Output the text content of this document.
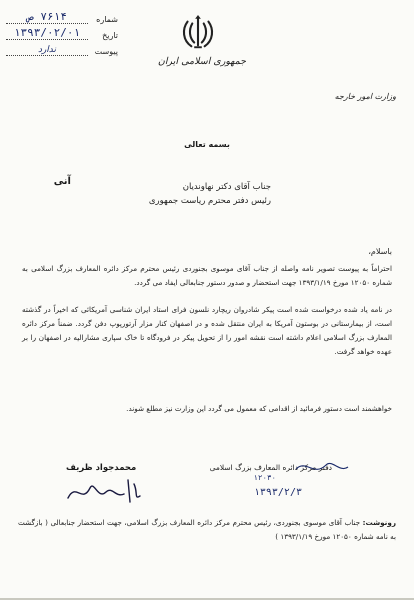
شماره
۷۶۱۴ ص
تاریخ
۱۳۹۳/۰۲/۰۱
پیوست
ندارد
جمهوری اسلامی ایران
وزارت امور خارجه
بسمه تعالی
آنی	جناب آقای دکتر نهاوندیان
رئیس دفتر محترم ریاست جمهوری
باسلام،

احتراماً به پیوست تصویر نامه واصله از جناب آقای موسوی بجنوردی رئیس محترم مرکز دائره المعارف بزرگ اسلامی به شماره ۱۲۰۵۰ مورخ ۱۳۹۳/۱/۱۹ جهت استحضار و صدور دستور جنابعالی ایفاد می گردد.

در نامه یاد شده درخواست شده است پیکر شادروان ریچارد نلسون فرای استاد ایران شناسی آمریکائی که اخیراً در گذشته است، از بیمارستانی در بوستون آمریکا به ایران منتقل شده و در اصفهان کنار مزار آرتورپوپ دفن گردد. ضمناً مرکز دائره المعارف بزرگ اسلامی اعلام داشته است نقشه امور را از تحویل پیکر در فرودگاه تا خاک سپاری مشارالیه در اصفهان را بر عهده خواهد گرفت.

خواهشمند است دستور فرمائید از اقدامی که معمول می گردد این وزارت نیز مطلع شوند.

دفتر مرکز دائره المعارف بزرگ اسلامی
۱۲۰۳۰
۱۳۹۳/۲/۳
محمدجواد ظریف

رونوشت: جناب آقای موسوی بجنوردی، رئیس محترم مرکز دائره المعارف بزرگ اسلامی، جهت استحضار جنابعالی ( بازگشت به نامه شماره ۱۲۰۵۰ مورخ ۱۳۹۳/۱/۱۹ )
